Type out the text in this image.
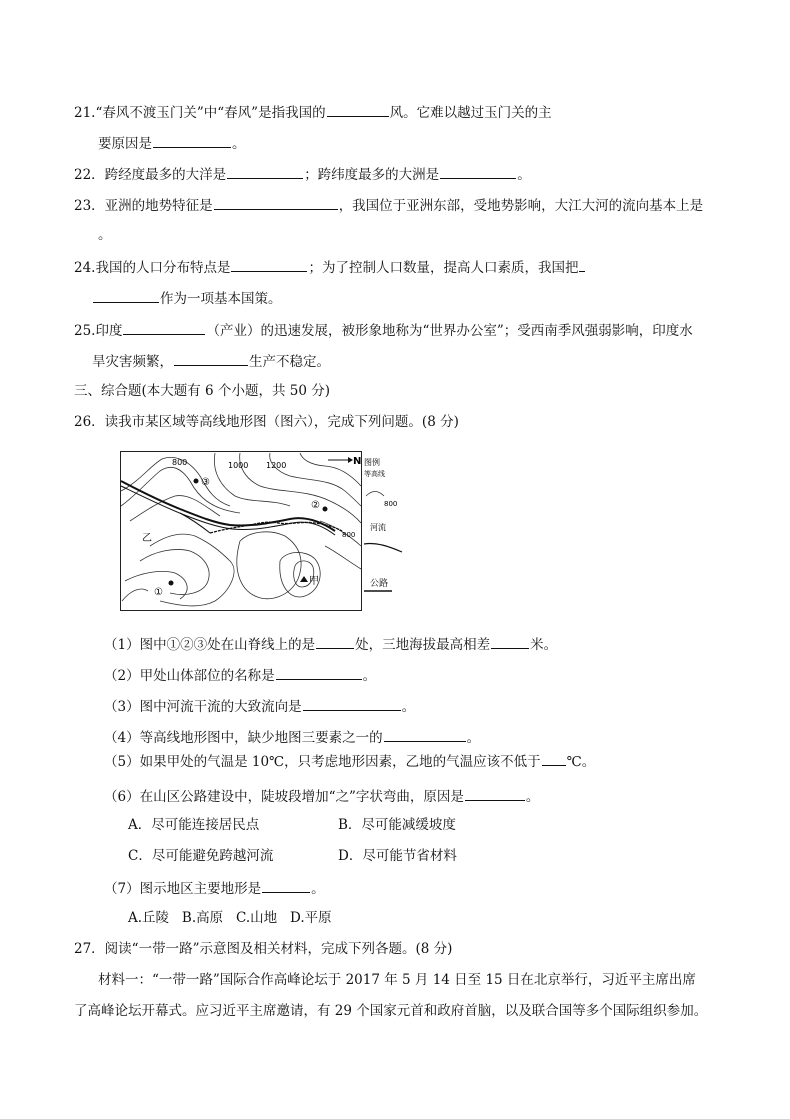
21.“春风不渡玉门关”中“春风”是指我国的	风。它难以越过玉门关的主
要原因是	。
22．跨经度最多的大洋是	；跨纬度最多的大洲是	。
23．亚洲的地势特征是	，我国位于亚洲东部，受地势影响，大江大河的流向基本上是
。
24.我国的人口分布特点是	；为了控制人口数量，提高人口素质，我国把
作为一项基本国策。
25.印度	（产业）的迅速发展，被形象地称为“世界办公室”；受西南季风强弱影响，印度水
旱灾害频繁，	生产不稳定。
三、综合题(本大题有 6 个小题，共 50 分)
26．读我市某区域等高线地形图（图六），完成下列问题。(8 分)
800	1000 1200
800
N
③
②
①
甲
乙
图例
等高线
800
河流
公路
（1）图中①②③处在山脊线上的是	处，三地海拔最高相差	米。
（2）甲处山体部位的名称是	。
（3）图中河流干流的大致流向是	。
（4）等高线地形图中，缺少地图三要素之一的	。
（5）如果甲处的气温是 10℃，只考虑地形因素，乙地的气温应该不低于 ℃。
（6）在山区公路建设中，陡坡段增加“之”字状弯曲，原因是	。
A．尽可能连接居民点	B．尽可能减缓坡度
C．尽可能避免跨越河流	D．尽可能节省材料
（7）图示地区主要地形是	。
A.丘陵   B.高原   C.山地   D.平原
27．阅读“一带一路”示意图及相关材料，完成下列各题。(8 分)
材料一：“一带一路”国际合作高峰论坛于 2017 年 5 月 14 日至 15 日在北京举行，习近平主席出席
了高峰论坛开幕式。应习近平主席邀请，有 29 个国家元首和政府首脑，以及联合国等多个国际组织参加。
